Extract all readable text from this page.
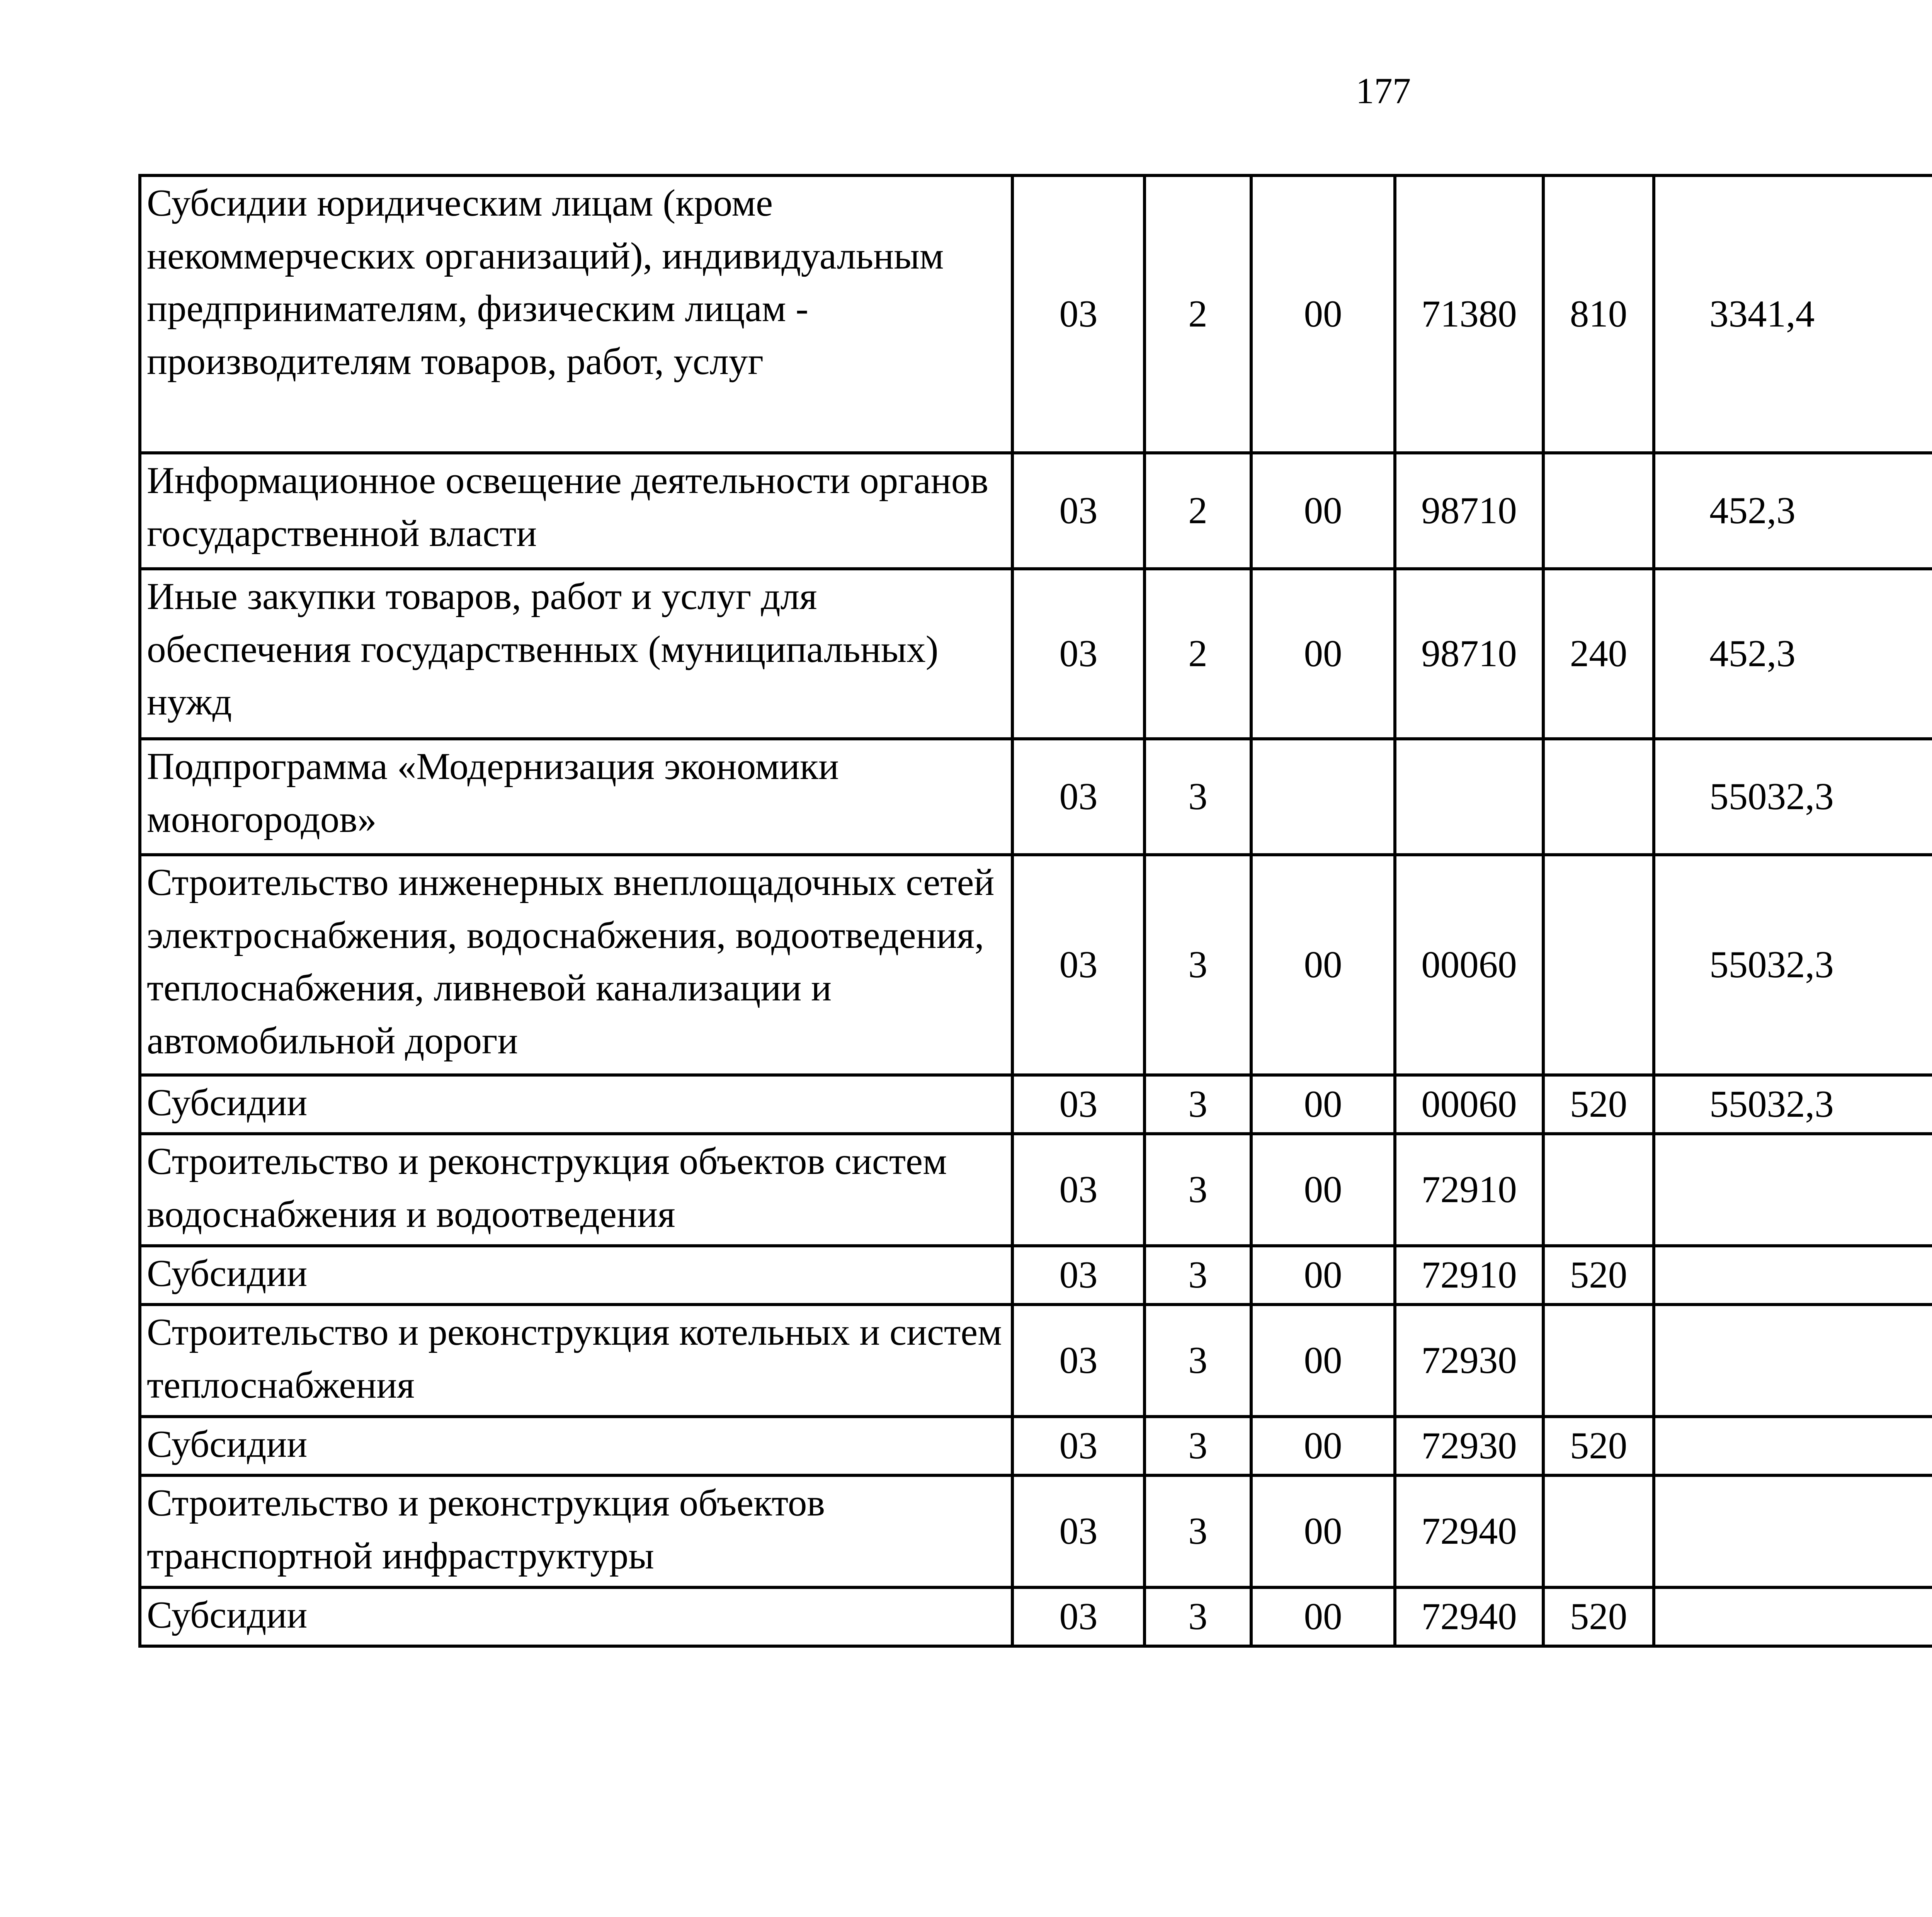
177
Субсидии юридическим лицам (кроме некоммерческих организаций), индивидуальным предпринимателям, физическим лицам - производителям товаров, работ, услуг	03	2	00	71380	810	3341,4		
Информационное освещение деятельности органов государственной власти	03	2	00	98710		452,3		
Иные закупки товаров, работ и услуг для обеспечения государственных (муниципальных) нужд	03	2	00	98710	240	452,3		
Подпрограмма «Модернизация экономики моногородов»	03	3				55032,3		
Строительство инженерных внеплощадочных сетей электроснабжения, водоснабжения, водоотведения, теплоснабжения, ливневой канализации и автомобильной дороги	03	3	00	00060		55032,3		
Субсидии	03	3	00	00060	520	55032,3		
Строительство и реконструкция объектов систем водоснабжения и водоотведения	03	3	00	72910				
Субсидии	03	3	00	72910	520			
Строительство и реконструкция котельных и систем теплоснабжения	03	3	00	72930				
Субсидии	03	3	00	72930	520			
Строительство и реконструкция объектов транспортной инфраструктуры	03	3	00	72940				
Субсидии	03	3	00	72940	520			
